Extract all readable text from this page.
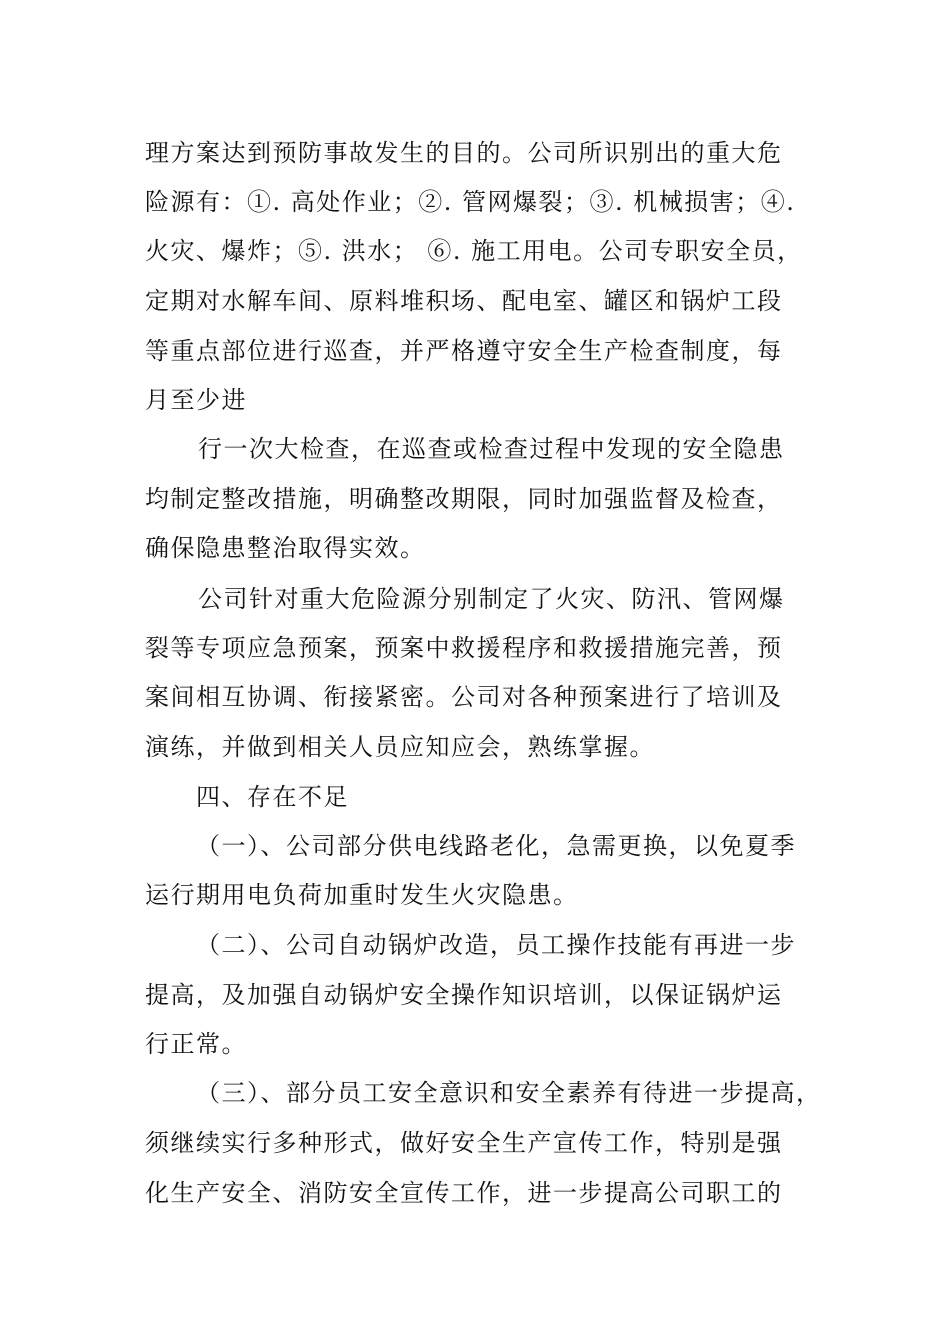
理方案达到预防事故发生的目的。公司所识别出的重大危
险源有：①. 高处作业；②. 管网爆裂；③. 机械损害；④.
火灾、爆炸；⑤. 洪水； ⑥. 施工用电。公司专职安全员，
定期对水解车间、原料堆积场、配电室、罐区和锅炉工段
等重点部位进行巡查，并严格遵守安全生产检查制度，每
月至少进
行一次大检查，在巡查或检查过程中发现的安全隐患
均制定整改措施，明确整改期限，同时加强监督及检查，
确保隐患整治取得实效。
公司针对重大危险源分别制定了火灾、防汛、管网爆
裂等专项应急预案，预案中救援程序和救援措施完善，预
案间相互协调、衔接紧密。公司对各种预案进行了培训及
演练，并做到相关人员应知应会，熟练掌握。
四、存在不足
（一）、公司部分供电线路老化，急需更换，以免夏季
运行期用电负荷加重时发生火灾隐患。
（二）、公司自动锅炉改造，员工操作技能有再进一步
提高，及加强自动锅炉安全操作知识培训，以保证锅炉运
行正常。
（三）、部分员工安全意识和安全素养有待进一步提高，
须继续实行多种形式，做好安全生产宣传工作，特别是强
化生产安全、消防安全宣传工作，进一步提高公司职工的
